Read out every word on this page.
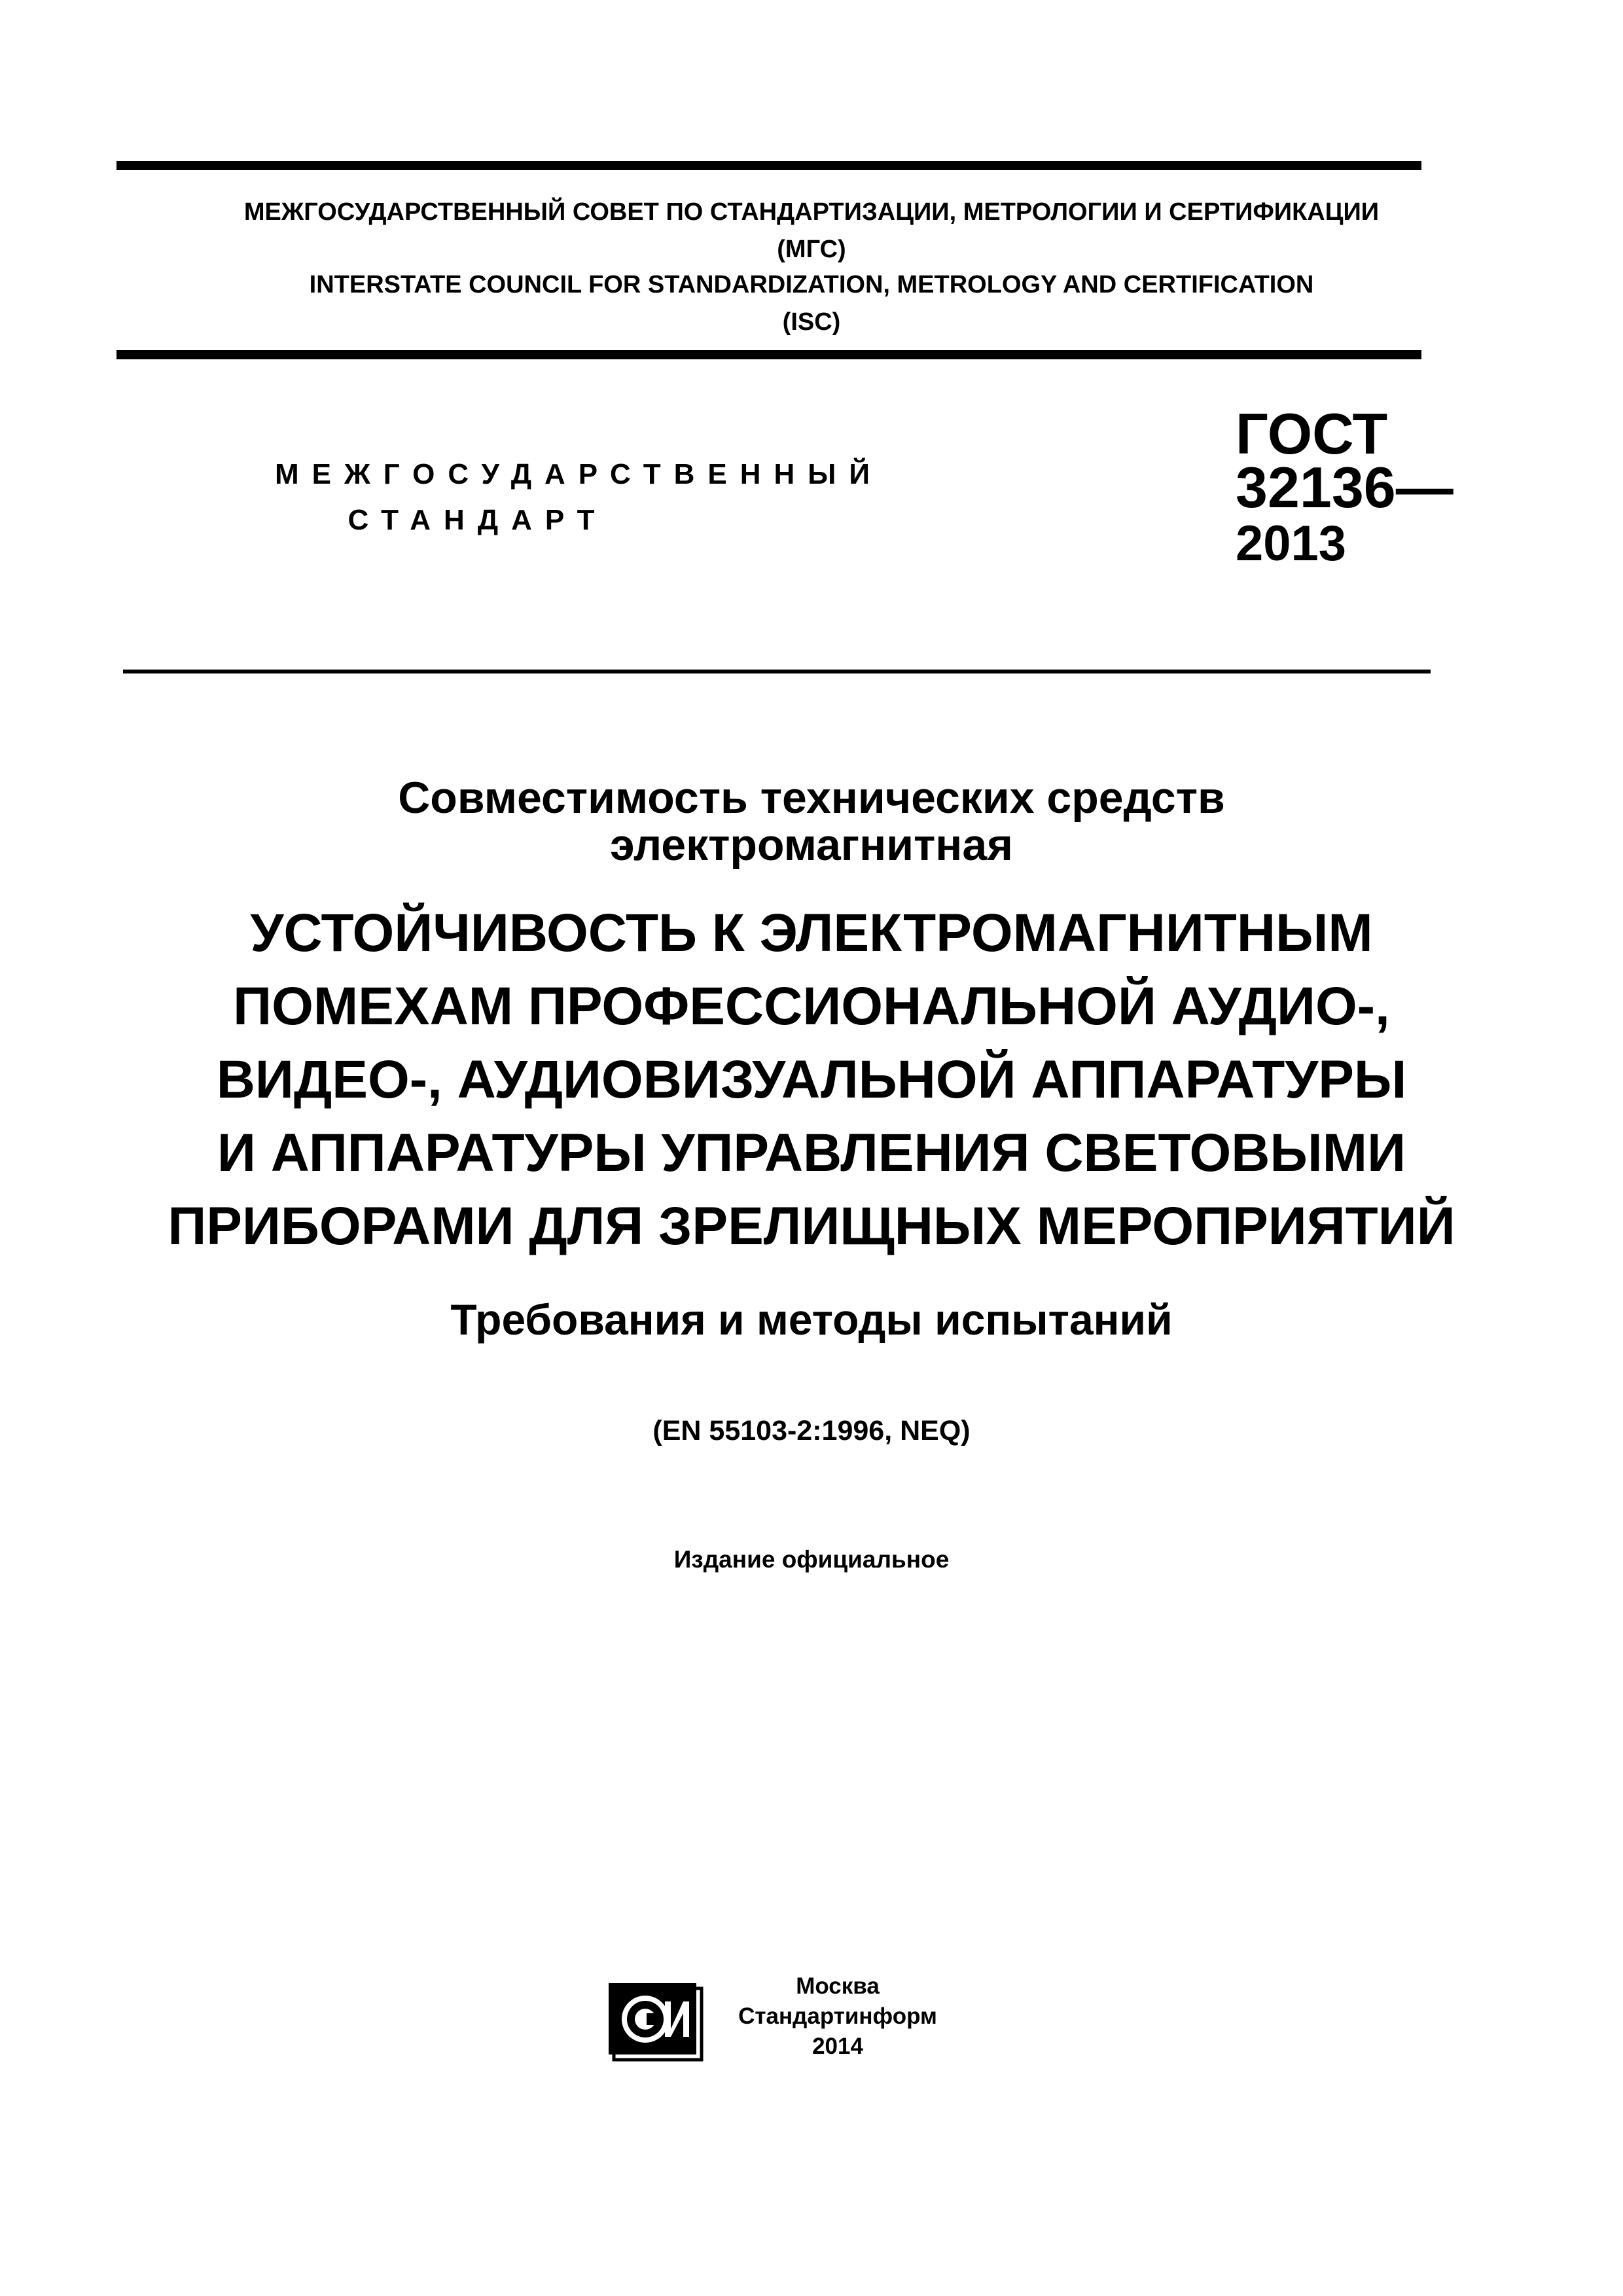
МЕЖГОСУДАРСТВЕННЫЙ СОВЕТ ПО СТАНДАРТИЗАЦИИ, МЕТРОЛОГИИ И СЕРТИФИКАЦИИ
(МГС)
INTERSTATE COUNCIL FOR STANDARDIZATION, METROLOGY AND CERTIFICATION
(ISC)
МЕЖГОСУДАРСТВЕННЫЙ
СТАНДАРТ
ГОСТ
32136—
2013
Совместимость технических средств
электромагнитная
УСТОЙЧИВОСТЬ К ЭЛЕКТРОМАГНИТНЫМ
ПОМЕХАМ ПРОФЕССИОНАЛЬНОЙ АУДИО-,
ВИДЕО-, АУДИОВИЗУАЛЬНОЙ АППАРАТУРЫ
И АППАРАТУРЫ УПРАВЛЕНИЯ СВЕТОВЫМИ
ПРИБОРАМИ ДЛЯ ЗРЕЛИЩНЫХ МЕРОПРИЯТИЙ
Требования и методы испытаний
(EN 55103-2:1996, NEQ)
Издание официальное
Москва
Стандартинформ
2014
